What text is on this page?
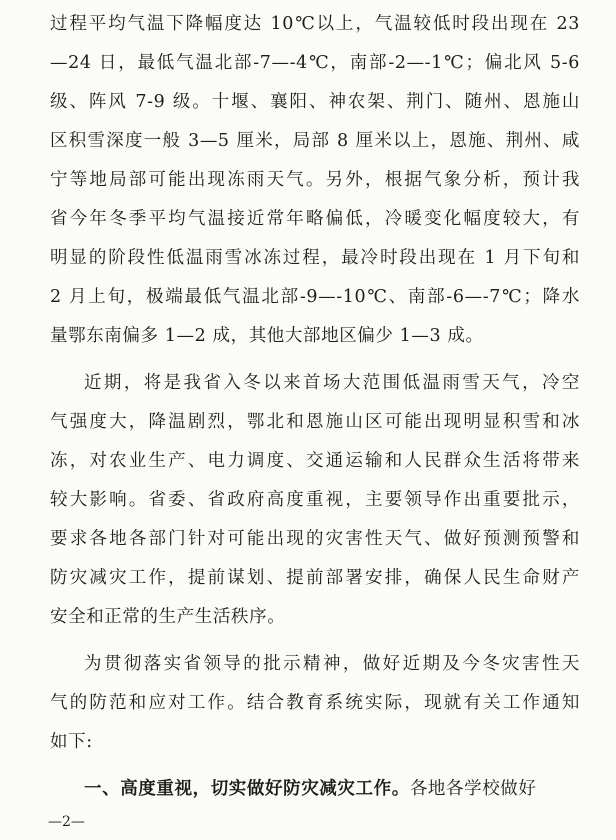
过程平均气温下降幅度达 10℃以上，气温较低时段出现在 23
—24 日，最低气温北部-7—-4℃，南部-2—-1℃；偏北风 5-6
级、阵风 7-9 级。十堰、襄阳、神农架、荆门、随州、恩施山
区积雪深度一般 3—5 厘米，局部 8 厘米以上，恩施、荆州、咸
宁等地局部可能出现冻雨天气。另外，根据气象分析，预计我
省今年冬季平均气温接近常年略偏低，冷暖变化幅度较大，有
明显的阶段性低温雨雪冰冻过程，最冷时段出现在 1 月下旬和
2 月上旬，极端最低气温北部-9—-10℃、南部-6—-7℃；降水
量鄂东南偏多 1—2 成，其他大部地区偏少 1—3 成。
近期，将是我省入冬以来首场大范围低温雨雪天气，冷空
气强度大，降温剧烈，鄂北和恩施山区可能出现明显积雪和冰
冻，对农业生产、电力调度、交通运输和人民群众生活将带来
较大影响。省委、省政府高度重视，主要领导作出重要批示，
要求各地各部门针对可能出现的灾害性天气、做好预测预警和
防灾减灾工作，提前谋划、提前部署安排，确保人民生命财产
安全和正常的生产生活秩序。
为贯彻落实省领导的批示精神，做好近期及今冬灾害性天
气的防范和应对工作。结合教育系统实际，现就有关工作通知
如下:
一、高度重视，切实做好防灾减灾工作。各地各学校做好
—2—
